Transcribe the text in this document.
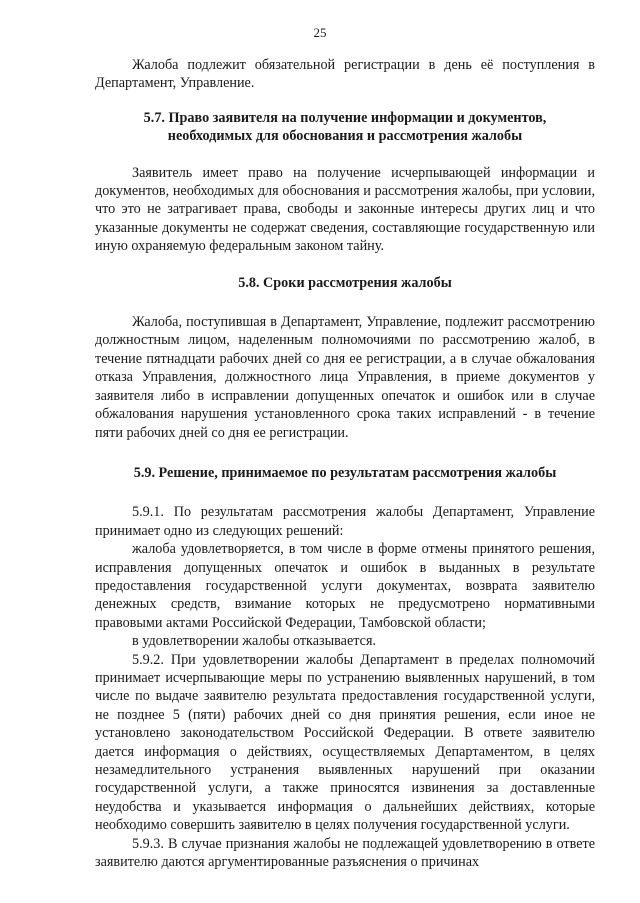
25

Жалоба подлежит обязательной регистрации в день её поступления в Департамент, Управление.

5.7. Право заявителя на получение информации и документов,
необходимых для обоснования и рассмотрения жалобы

Заявитель имеет право на получение исчерпывающей информации и документов, необходимых для обоснования и рассмотрения жалобы, при условии, что это не затрагивает права, свободы и законные интересы других лиц и что указанные документы не содержат сведения, составляющие государственную или иную охраняемую федеральным законом тайну.

5.8. Сроки рассмотрения жалобы

Жалоба, поступившая в Департамент, Управление, подлежит рассмотрению должностным лицом, наделенным полномочиями по рассмотрению жалоб, в течение пятнадцати рабочих дней со дня ее регистрации, а в случае обжалования отказа Управления, должностного лица Управления, в приеме документов у заявителя либо в исправлении допущенных опечаток и ошибок или в случае обжалования нарушения установленного срока таких исправлений - в течение пяти рабочих дней со дня ее регистрации.

5.9. Решение, принимаемое по результатам рассмотрения жалобы

5.9.1. По результатам рассмотрения жалобы Департамент, Управление принимает одно из следующих решений:

жалоба удовлетворяется, в том числе в форме отмены принятого решения, исправления допущенных опечаток и ошибок в выданных в результате предоставления государственной услуги документах, возврата заявителю денежных средств, взимание которых не предусмотрено нормативными правовыми актами Российской Федерации, Тамбовской области;

в удовлетворении жалобы отказывается.

5.9.2. При удовлетворении жалобы Департамент в пределах полномочий принимает исчерпывающие меры по устранению выявленных нарушений, в том числе по выдаче заявителю результата предоставления государственной услуги, не позднее 5 (пяти) рабочих дней со дня принятия решения, если иное не установлено законодательством Российской Федерации. В ответе заявителю дается информация о действиях, осуществляемых Департаментом, в целях незамедлительного устранения выявленных нарушений при оказании государственной услуги, а также приносятся извинения за доставленные неудобства и указывается информация о дальнейших действиях, которые необходимо совершить заявителю в целях получения государственной услуги.

5.9.3. В случае признания жалобы не подлежащей удовлетворению в ответе заявителю даются аргументированные разъяснения о причинах
